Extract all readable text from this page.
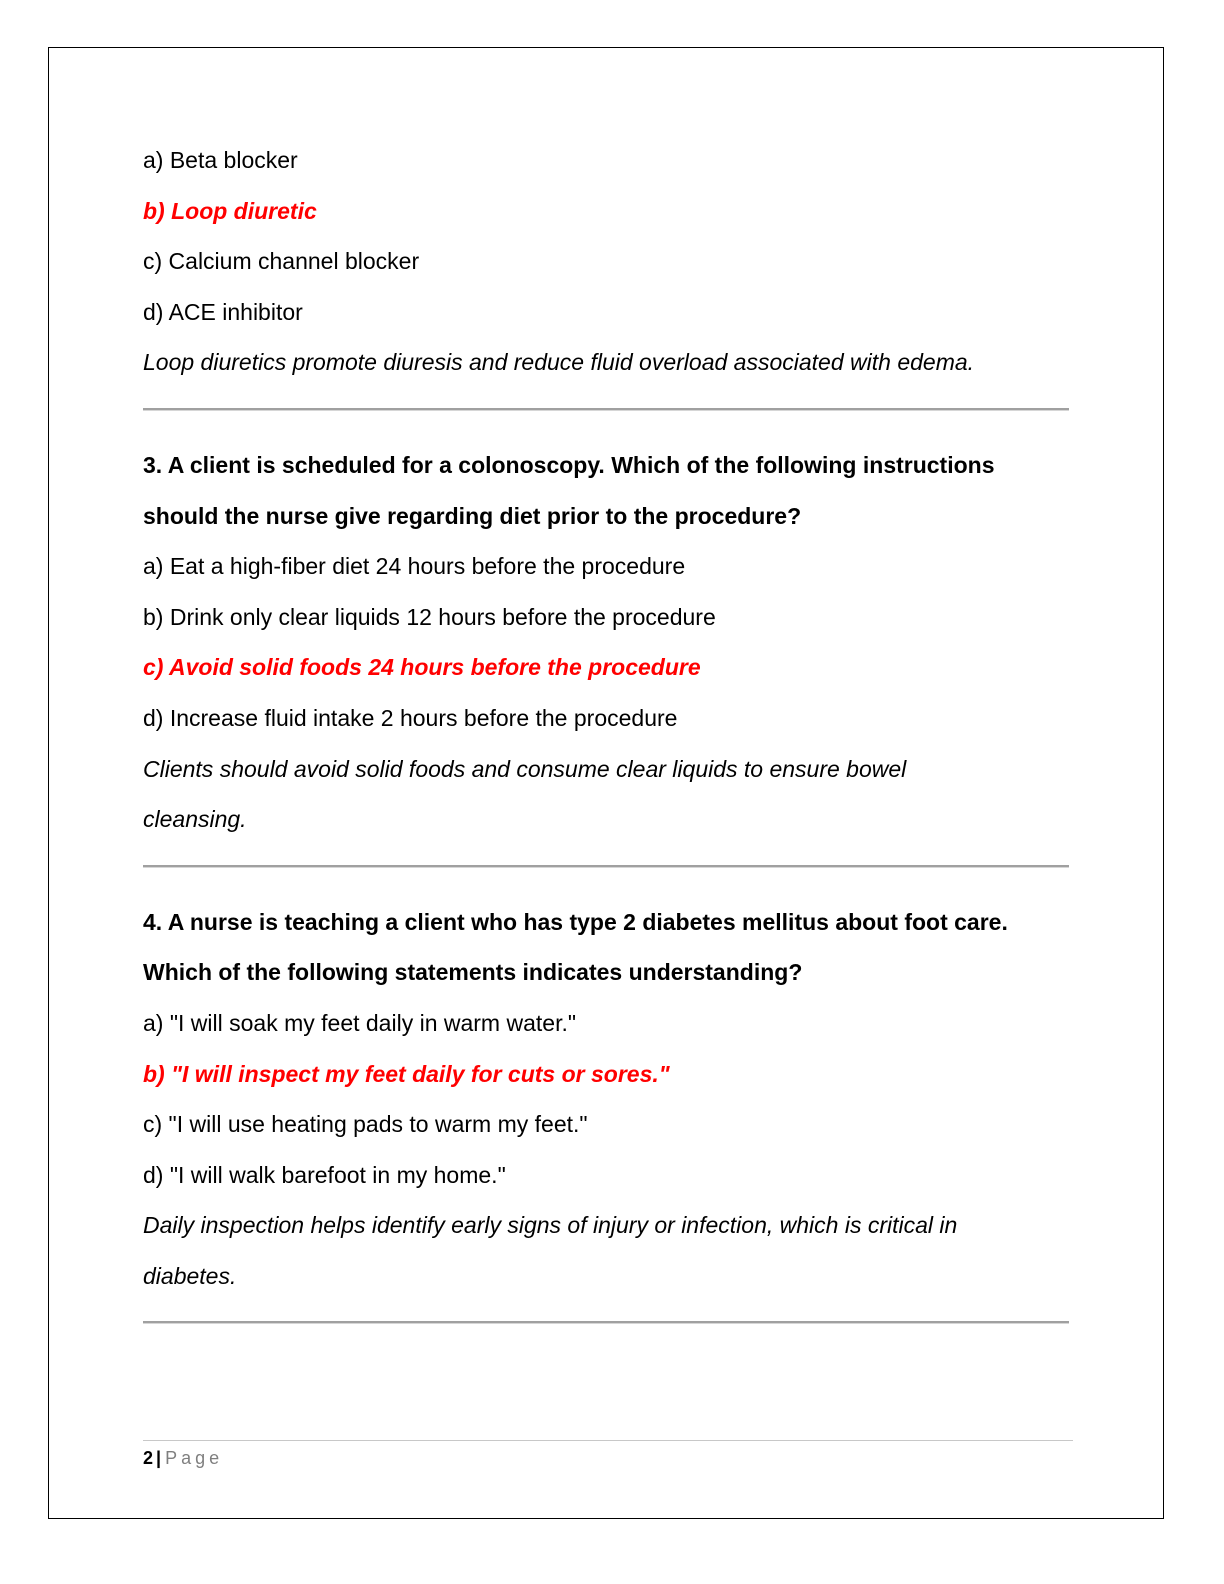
a) Beta blocker
b) Loop diuretic
c) Calcium channel blocker
d) ACE inhibitor
Loop diuretics promote diuresis and reduce fluid overload associated with edema.
3. A client is scheduled for a colonoscopy. Which of the following instructions
should the nurse give regarding diet prior to the procedure?
a) Eat a high-fiber diet 24 hours before the procedure
b) Drink only clear liquids 12 hours before the procedure
c) Avoid solid foods 24 hours before the procedure
d) Increase fluid intake 2 hours before the procedure
Clients should avoid solid foods and consume clear liquids to ensure bowel
cleansing.
4. A nurse is teaching a client who has type 2 diabetes mellitus about foot care.
Which of the following statements indicates understanding?
a) "I will soak my feet daily in warm water."
b) "I will inspect my feet daily for cuts or sores."
c) "I will use heating pads to warm my feet."
d) "I will walk barefoot in my home."
Daily inspection helps identify early signs of injury or infection, which is critical in
diabetes.
2 | Page
